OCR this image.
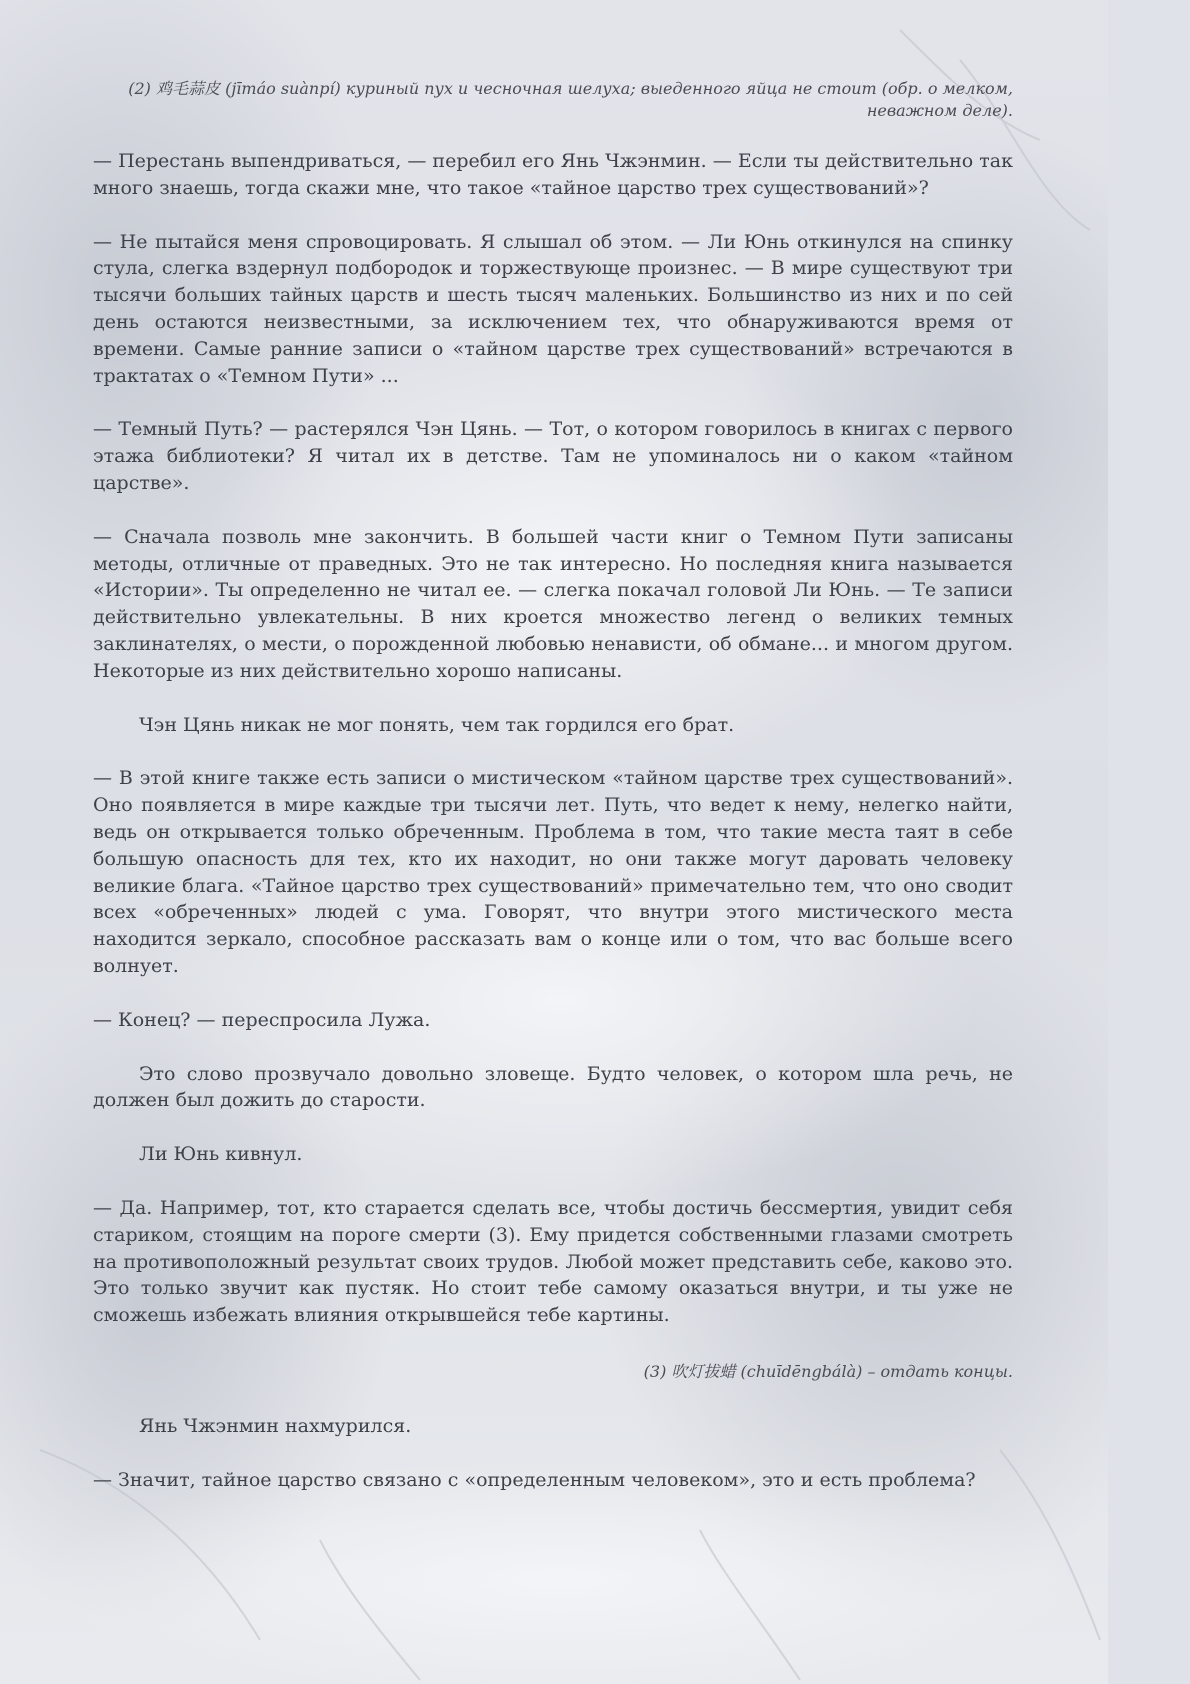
(2) 鸡毛蒜皮 (jīmáo suànpí) куриный пух и чесночная шелуха; выеденного яйца не стоит (обр. о мелком, неважном деле).

— Перестань выпендриваться, — перебил его Янь Чжэнмин. — Если ты действительно так много знаешь, тогда скажи мне, что такое «тайное царство трех существований»?

— Не пытайся меня спровоцировать. Я слышал об этом. — Ли Юнь откинулся на спинку стула, слегка вздернул подбородок и торжествующе произнес. — В мире существуют три тысячи больших тайных царств и шесть тысяч маленьких. Большинство из них и по сей день остаются неизвестными, за исключением тех, что обнаруживаются время от времени. Самые ранние записи о «тайном царстве трех существований» встречаются в трактатах о «Темном Пути» ...

— Темный Путь? — растерялся Чэн Цянь. — Тот, о котором говорилось в книгах с первого этажа библиотеки? Я читал их в детстве. Там не упоминалось ни о каком «тайном царстве».

— Сначала позволь мне закончить. В большей части книг о Темном Пути записаны методы, отличные от праведных. Это не так интересно. Но последняя книга называется «Истории». Ты определенно не читал ее. — слегка покачал головой Ли Юнь. — Те записи действительно увлекательны. В них кроется множество легенд о великих темных заклинателях, о мести, о порожденной любовью ненависти, об обмане... и многом другом. Некоторые из них действительно хорошо написаны.

Чэн Цянь никак не мог понять, чем так гордился его брат.

— В этой книге также есть записи о мистическом «тайном царстве трех существований». Оно появляется в мире каждые три тысячи лет. Путь, что ведет к нему, нелегко найти, ведь он открывается только обреченным. Проблема в том, что такие места таят в себе большую опасность для тех, кто их находит, но они также могут даровать человеку великие блага. «Тайное царство трех существований» примечательно тем, что оно сводит всех «обреченных» людей с ума. Говорят, что внутри этого мистического места находится зеркало, способное рассказать вам о конце или о том, что вас больше всего волнует.

— Конец? — переспросила Лужа.

Это слово прозвучало довольно зловеще. Будто человек, о котором шла речь, не должен был дожить до старости.

Ли Юнь кивнул.

— Да. Например, тот, кто старается сделать все, чтобы достичь бессмертия, увидит себя стариком, стоящим на пороге смерти (3). Ему придется собственными глазами смотреть на противоположный результат своих трудов. Любой может представить себе, каково это. Это только звучит как пустяк. Но стоит тебе самому оказаться внутри, и ты уже не сможешь избежать влияния открывшейся тебе картины.

(3) 吹灯拔蜡 (chuīdēngbálà) – отдать концы.

Янь Чжэнмин нахмурился.

— Значит, тайное царство связано с «определенным человеком», это и есть проблема?
